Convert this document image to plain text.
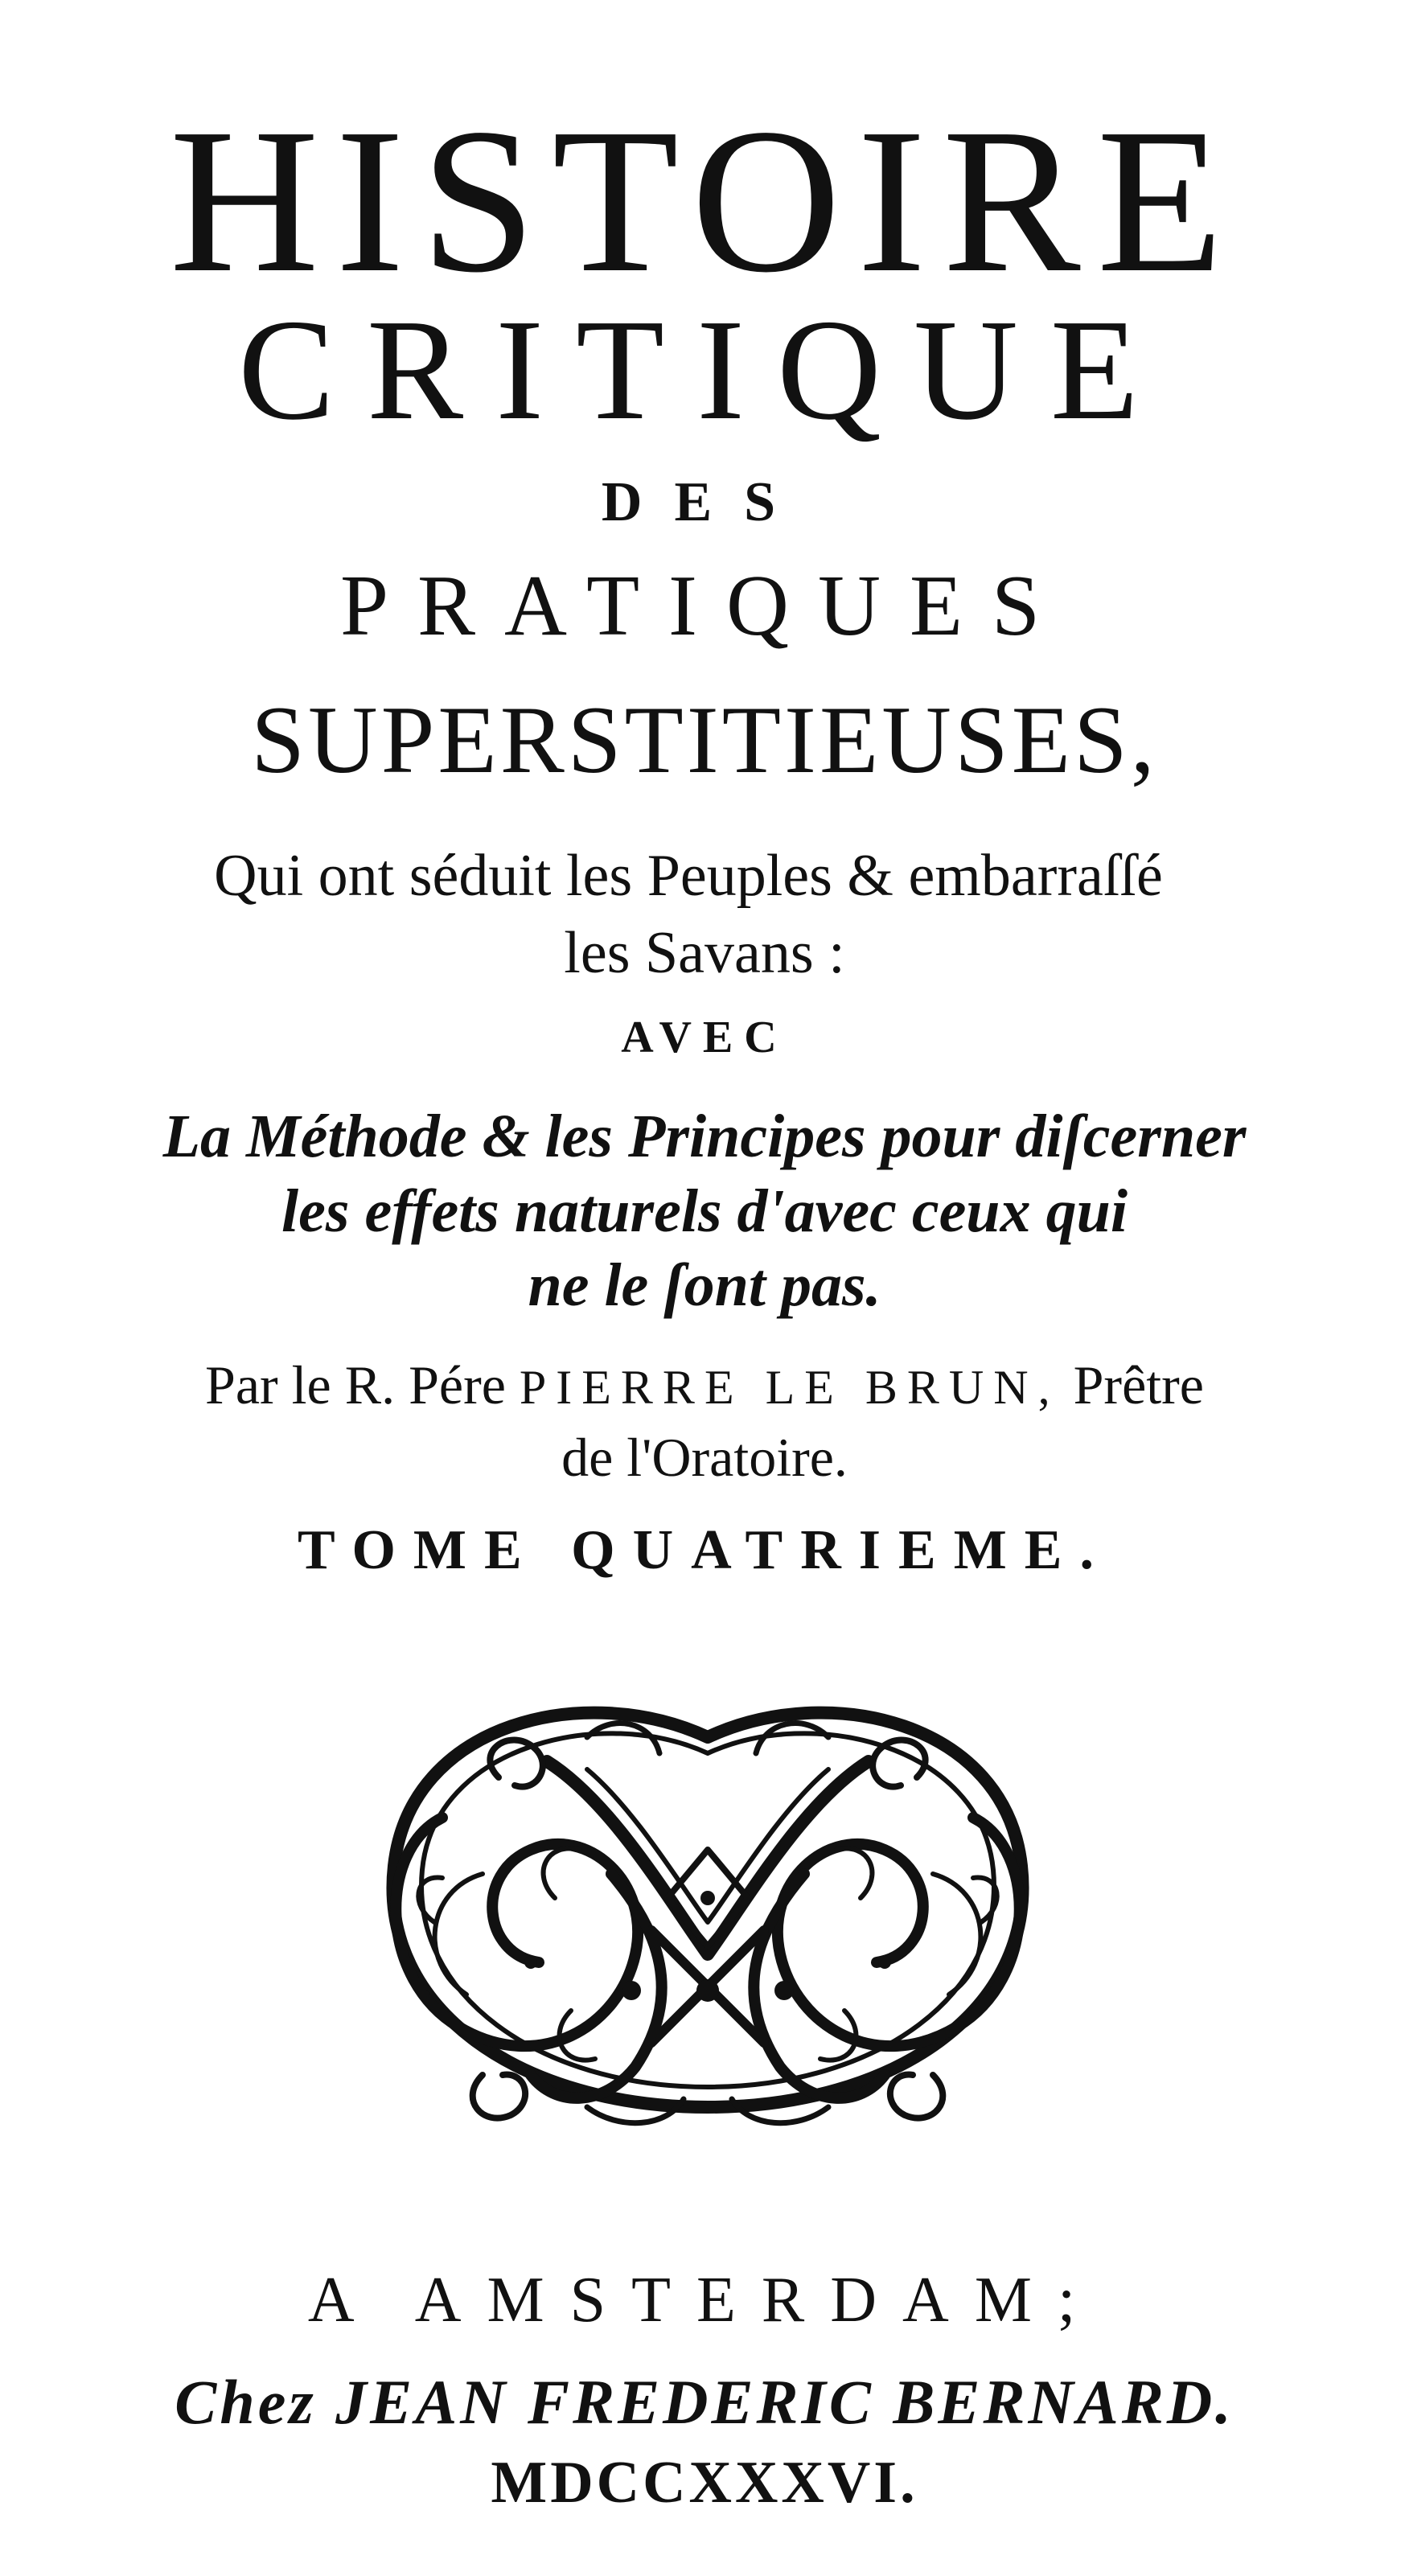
HISTOIRE
CRITIQUE
DES
PRATIQUES
SUPERSTITIEUSES,
Qui ont séduit les Peuples & embarraſſé
les Savans :
AVEC
La Méthode & les Principes pour diſcerner
les effets naturels d'avec ceux qui
ne le ſont pas.
Par le R. Pére PIERRE LE BRUN, Prêtre
de l'Oratoire.
TOME QUATRIEME.
A AMSTERDAM;
Chez JEAN FREDERIC BERNARD.
MDCCXXXVI.
